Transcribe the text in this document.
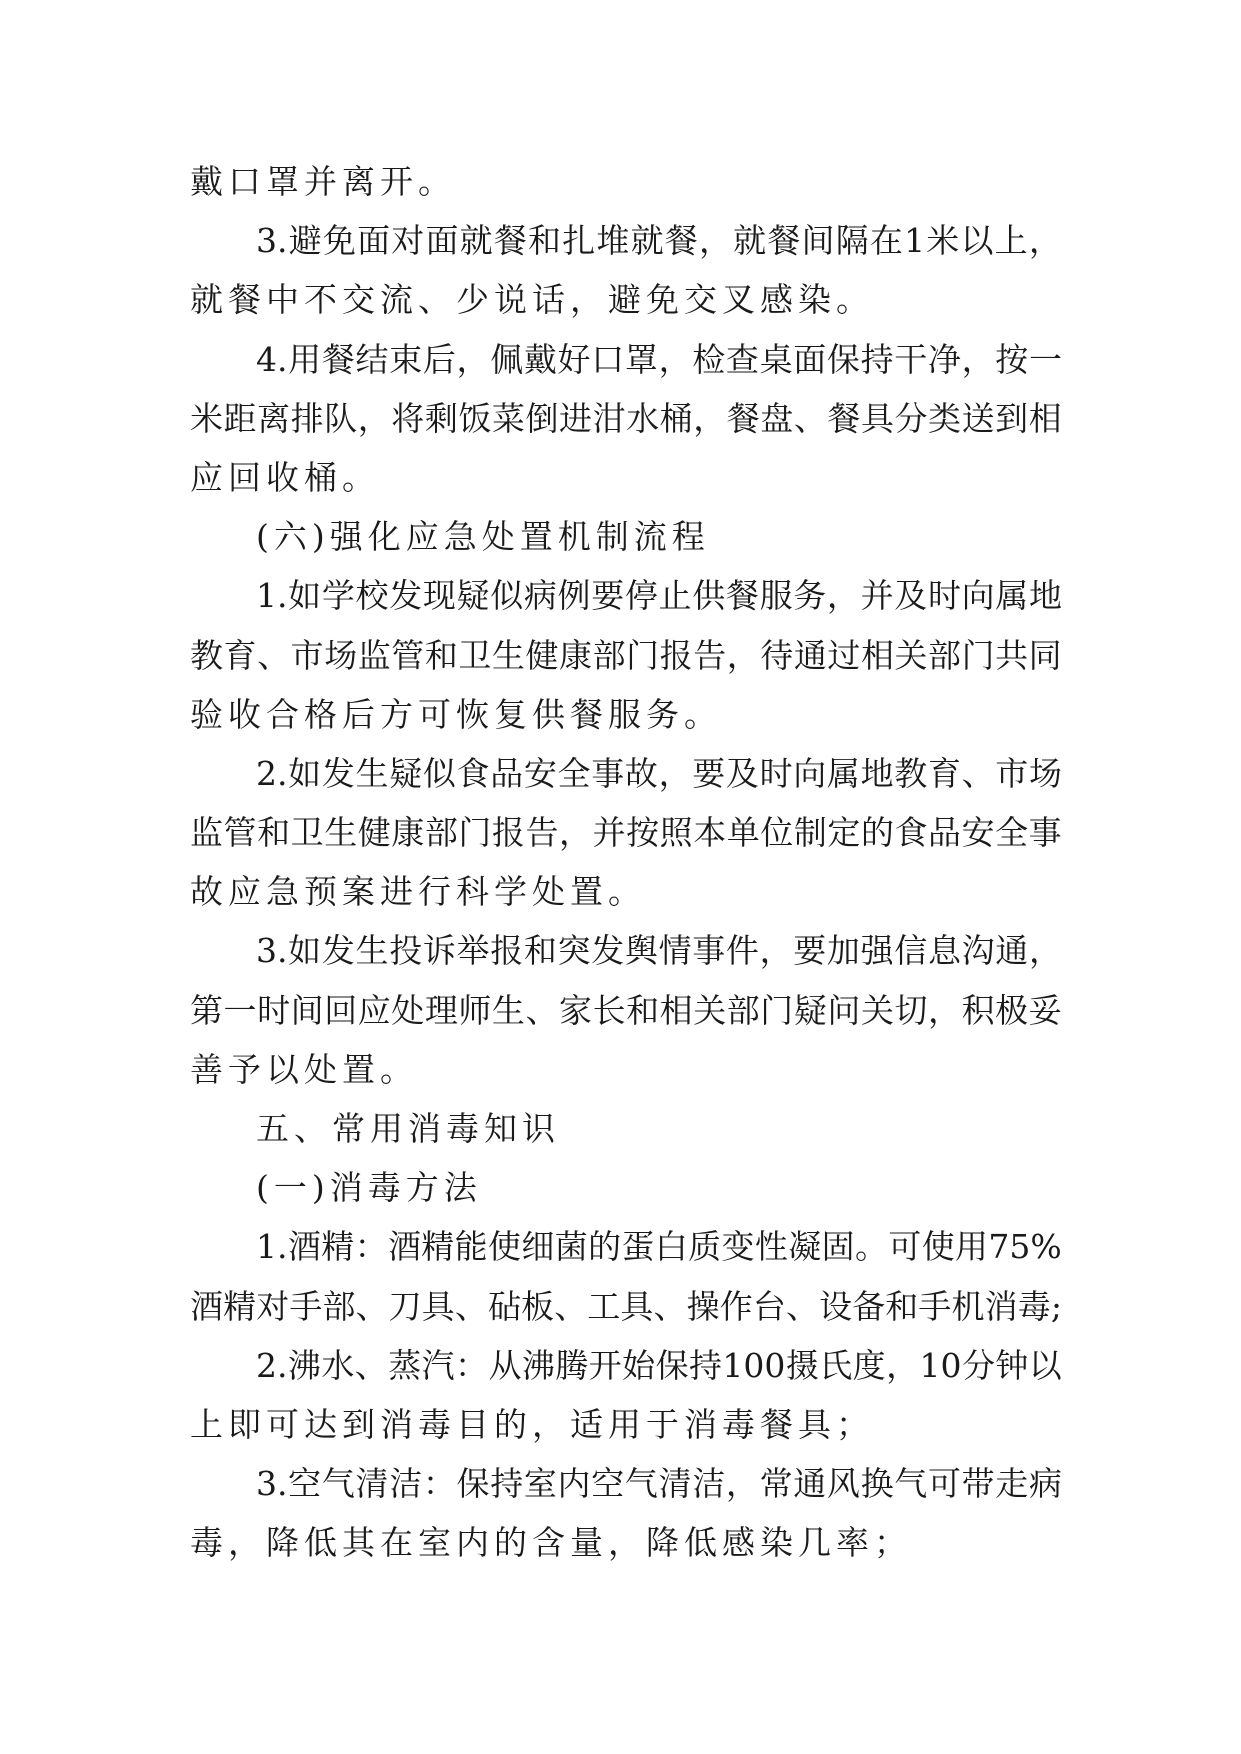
戴口罩并离开。
3. 避 免 面 对 面 就 餐 和 扎 堆 就 餐 ， 就 餐 间 隔 在 1 米 以 上 ，
就餐中不交流、少说话，避免交叉感染。
4. 用 餐 结 束 后 ， 佩 戴 好 口 罩 ， 检 查 桌 面 保 持 干 净 ， 按 一
米 距 离 排 队 ， 将 剩 饭 菜 倒 进 泔 水 桶 ， 餐 盘 、 餐 具 分 类 送 到 相
应回收桶。
(六)强化应急处置机制流程
1. 如 学 校 发 现 疑 似 病 例 要 停 止 供 餐 服 务 ， 并 及 时 向 属 地
教 育 、 市 场 监 管 和 卫 生 健 康 部 门 报 告 ， 待 通 过 相 关 部 门 共 同
验收合格后方可恢复供餐服务。
2. 如 发 生 疑 似 食 品 安 全 事 故 ， 要 及 时 向 属 地 教 育 、 市 场
监 管 和 卫 生 健 康 部 门 报 告 ， 并 按 照 本 单 位 制 定 的 食 品 安 全 事
故应急预案进行科学处置。
3. 如 发 生 投 诉 举 报 和 突 发 舆 情 事 件 ， 要 加 强 信 息 沟 通 ，
第 一 时 间 回 应 处 理 师 生 、 家 长 和 相 关 部 门 疑 问 关 切 ， 积 极 妥
善予以处置。
五、常用消毒知识
(一)消毒方法
1. 酒 精 ： 酒 精 能 使 细 菌 的 蛋 白 质 变 性 凝 固 。 可 使 用 75%
酒 精 对 手 部 、 刀 具 、 砧 板 、 工 具 、 操 作 台 、 设 备 和 手 机 消 毒 ;
2. 沸 水 、 蒸 汽 ： 从 沸 腾 开 始 保 持 100 摄 氏 度 ， 10 分 钟 以
上即可达到消毒目的，适用于消毒餐具；
3. 空 气 清 洁 ： 保 持 室 内 空 气 清 洁 ， 常 通 风 换 气 可 带 走 病
毒，降低其在室内的含量，降低感染几率；
